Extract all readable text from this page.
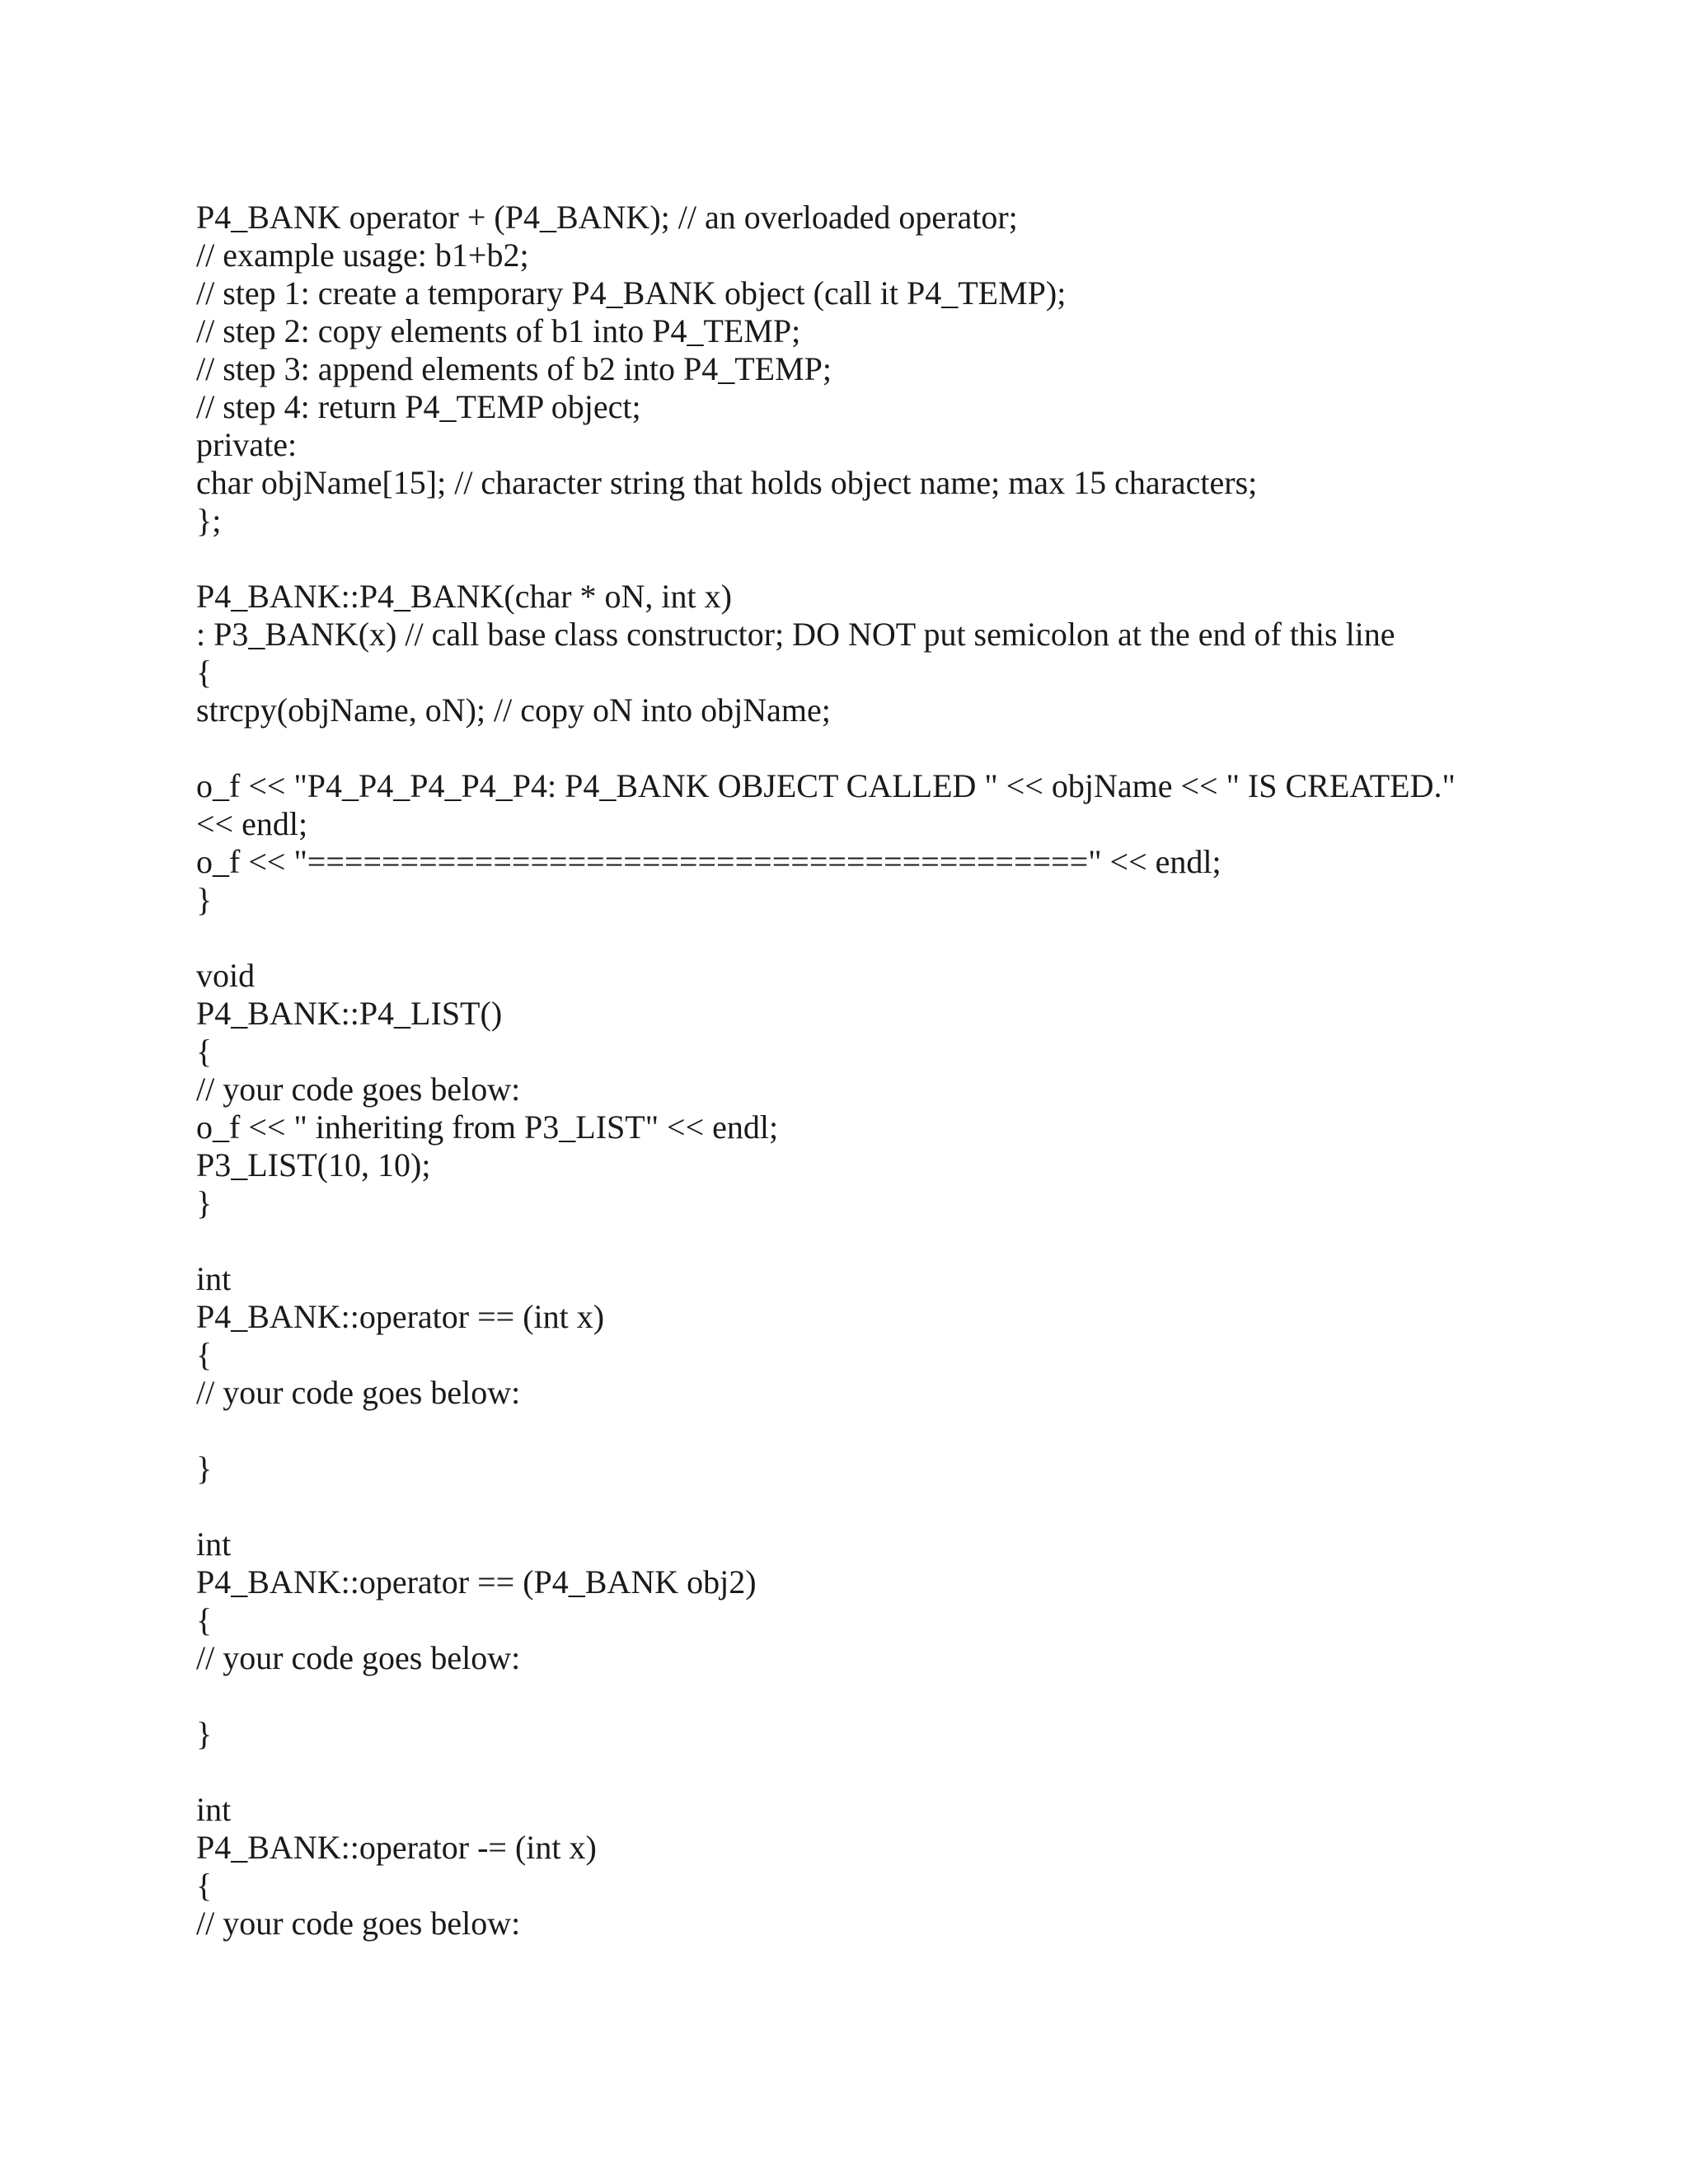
P4_BANK operator + (P4_BANK); // an overloaded operator;
// example usage: b1+b2;
// step 1: create a temporary P4_BANK object (call it P4_TEMP);
// step 2: copy elements of b1 into P4_TEMP;
// step 3: append elements of b2 into P4_TEMP;
// step 4: return P4_TEMP object;
private:
char objName[15]; // character string that holds object name; max 15 characters;
};
P4_BANK::P4_BANK(char * oN, int x)
: P3_BANK(x) // call base class constructor; DO NOT put semicolon at the end of this line
{
strcpy(objName, oN); // copy oN into objName;
o_f << "P4_P4_P4_P4_P4: P4_BANK OBJECT CALLED " << objName << " IS CREATED."
<< endl;
o_f << "==========================================" << endl;
}
void
P4_BANK::P4_LIST()
{
// your code goes below:
o_f << " inheriting from P3_LIST" << endl;
P3_LIST(10, 10);
}
int
P4_BANK::operator == (int x)
{
// your code goes below:
}
int
P4_BANK::operator == (P4_BANK obj2)
{
// your code goes below:
}
int
P4_BANK::operator -= (int x)
{
// your code goes below:
